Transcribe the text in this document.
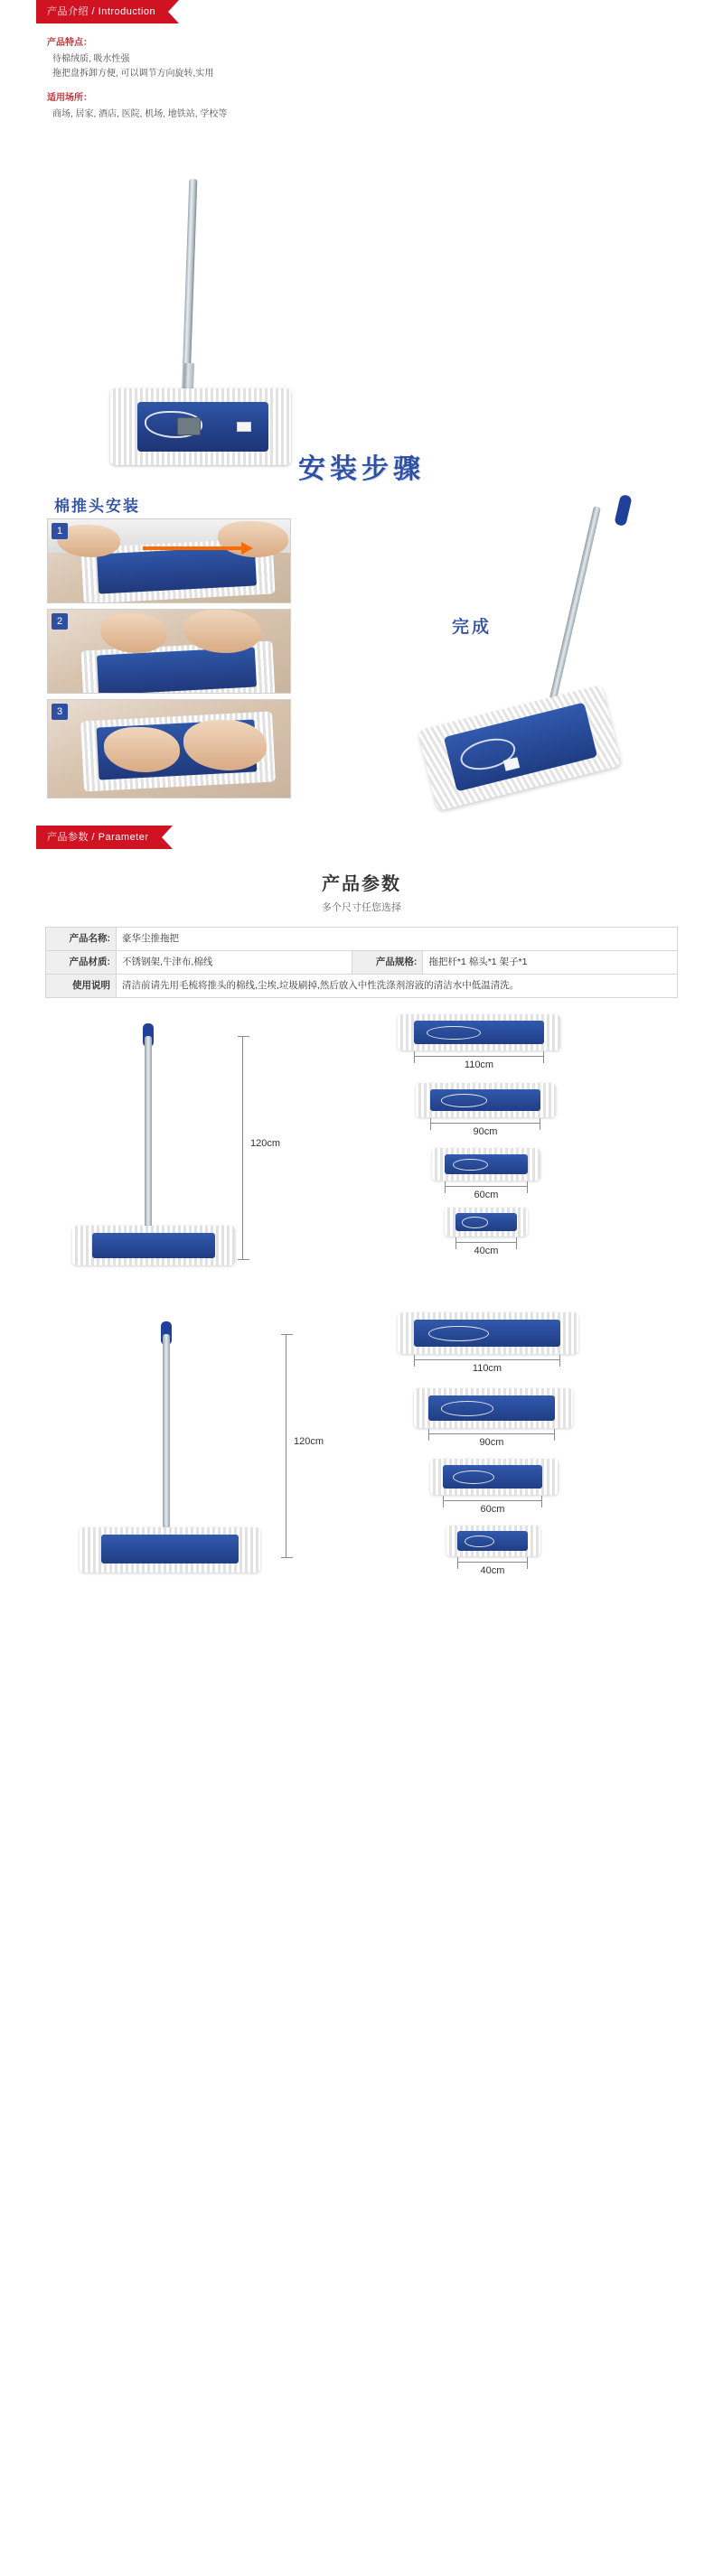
产品介绍 / Introduction
产品特点：

待棉绒质, 吸水性强

拖把盘拆卸方便, 可以调节方向旋转,实用

适用场所：

商场, 居家, 酒店, 医院, 机场, 地铁站, 学校等

安装步骤
棉推头安装
1
2
3
完成
产品参数 / Parameter
产品参数
多个尺寸任您选择
产品名称:	豪华尘推拖把		
产品材质:	不锈钢架,牛津布,棉线	产品规格:	拖把杆*1 棉头*1 架子*1
使用说明	清洁前请先用毛梳将推头的棉线,尘埃,垃圾刷掉,然后放入中性洗涤剂溶液的清洁水中低温清洗。		
120cm
110cm
90cm
60cm
40cm
120cm
110cm
90cm
60cm
40cm
